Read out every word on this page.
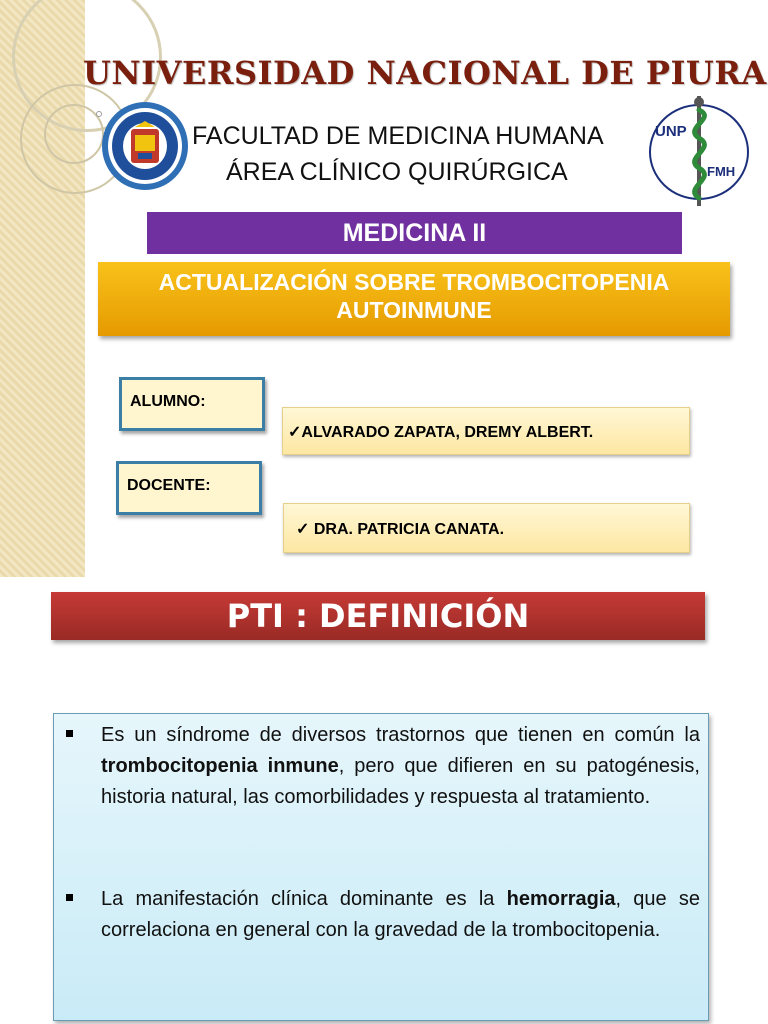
UNIVERSIDAD NACIONAL DE PIURA
FACULTAD DE MEDICINA HUMANA
ÁREA CLÍNICO QUIRÚRGICA
UNP
FMH
MEDICINA II
ACTUALIZACIÓN SOBRE TROMBOCITOPENIA
AUTOINMUNE
ALUMNO:
✓ALVARADO ZAPATA, DREMY ALBERT.
DOCENTE:
✓ DRA. PATRICIA CANATA.
PTI : DEFINICIÓN

Es un síndrome de diversos trastornos que tienen en común la trombocitopenia inmune, pero que difieren en su patogénesis, historia natural, las comorbilidades y respuesta al tratamiento.

La manifestación clínica dominante es la hemorragia, que se correlaciona en general con la gravedad de la trombocitopenia.
